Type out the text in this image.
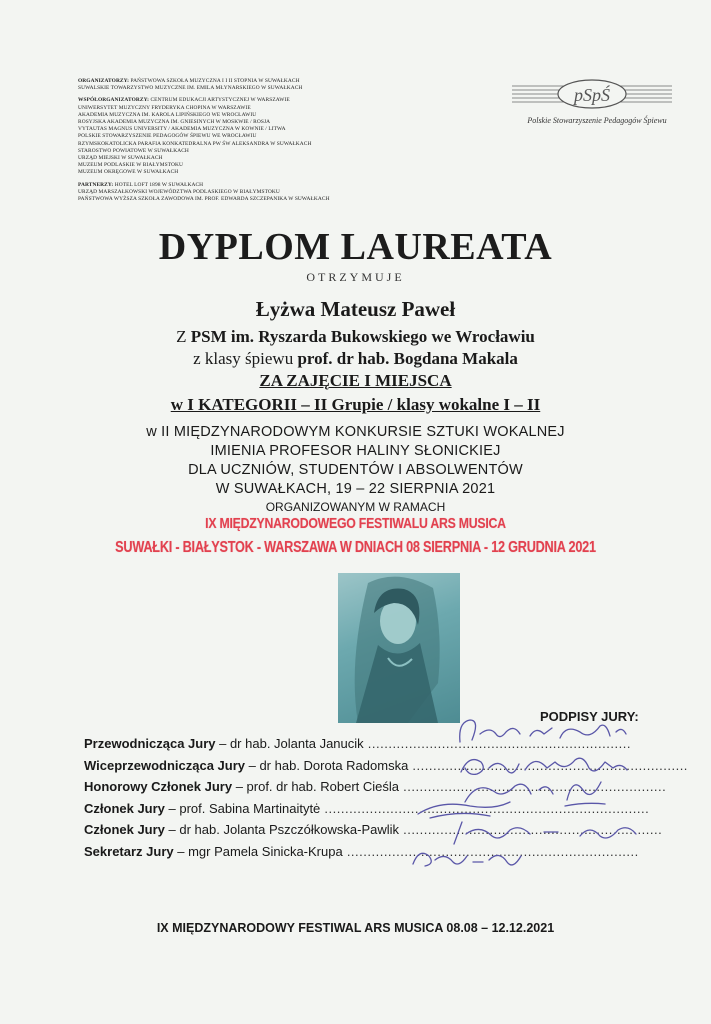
ORGANIZATORZY: PAŃSTWOWA SZKOŁA MUZYCZNA I I II STOPNIA W SUWAŁKACH
SUWALSKIE TOWARZYSTWO MUZYCZNE IM. EMILA MŁYNARSKIEGO W SUWAŁKACH
WSPÓŁORGANIZATORZY: CENTRUM EDUKACJI ARTYSTYCZNEJ W WARSZAWIE
UNIWERSYTET MUZYCZNY FRYDERYKA CHOPINA W WARSZAWIE
AKADEMIA MUZYCZNA IM. KAROLA LIPIŃSKIEGO WE WROCŁAWIU
ROSYJSKA AKADEMIA MUZYCZNA IM. GNIESINYCH W MOSKWIE / ROSJA
VYTAUTAS MAGNUS UNIVERSITY / AKADEMIA MUZYCZNA W KOWNIE / LITWA
POLSKIE STOWARZYSZENIE PEDAGOGÓW ŚPIEWU WE WROCŁAWIU
RZYMSKOKATOLICKA PARAFIA KONKATEDRALNA PW ŚW ALEKSANDRA W SUWAŁKACH
STAROSTWO POWIATOWE W SUWAŁKACH
URZĄD MIEJSKI W SUWAŁKACH
MUZEUM PODLASKIE W BIAŁYMSTOKU
MUZEUM OKRĘGOWE W SUWAŁKACH
PARTNERZY: HOTEL LOFT 1898 W SUWAŁKACH
URZĄD MARSZAŁKOWSKI WOJEWÓDZTWA PODLASKIEGO W BIAŁYMSTOKU
PAŃSTWOWA WYŻSZA SZKOŁA ZAWODOWA IM. PROF. EDWARDA SZCZEPANIKA W SUWAŁKACH
pSpŚ
Polskie Stowarzyszenie Pedagogów Śpiewu
DYPLOM LAUREATA
OTRZYMUJE
Łyżwa Mateusz Paweł
Z PSM im. Ryszarda Bukowskiego we Wrocławiu
z klasy śpiewu prof. dr hab. Bogdana Makala
ZA ZAJĘCIE I MIEJSCA
w I KATEGORII – II Grupie / klasy wokalne I – II
w II MIĘDZYNARODOWYM KONKURSIE SZTUKI WOKALNEJ
IMIENIA PROFESOR HALINY SŁONICKIEJ
DLA UCZNIÓW, STUDENTÓW I ABSOLWENTÓW
W SUWAŁKACH, 19 – 22 SIERPNIA 2021
ORGANIZOWANYM W RAMACH
IX MIĘDZYNARODOWEGO FESTIWALU ARS MUSICA
SUWAŁKI - BIAŁYSTOK - WARSZAWA W DNIACH 08 SIERPNIA - 12 GRUDNIA 2021
PODPISY JURY:
Przewodnicząca Jury – dr hab. Jolanta Janucik ................................................................
Wiceprzewodnicząca Jury – dr hab. Dorota Radomska ...................................................................
Honorowy Członek Jury – prof. dr hab. Robert Cieśla ................................................................
Członek Jury – prof. Sabina Martinaitytė ...............................................................................
Członek Jury – dr hab. Jolanta Pszczółkowska-Pawlik ...............................................................
Sekretarz Jury – mgr Pamela Sinicka-Krupa .......................................................................
IX MIĘDZYNARODOWY FESTIWAL ARS MUSICA 08.08 – 12.12.2021
